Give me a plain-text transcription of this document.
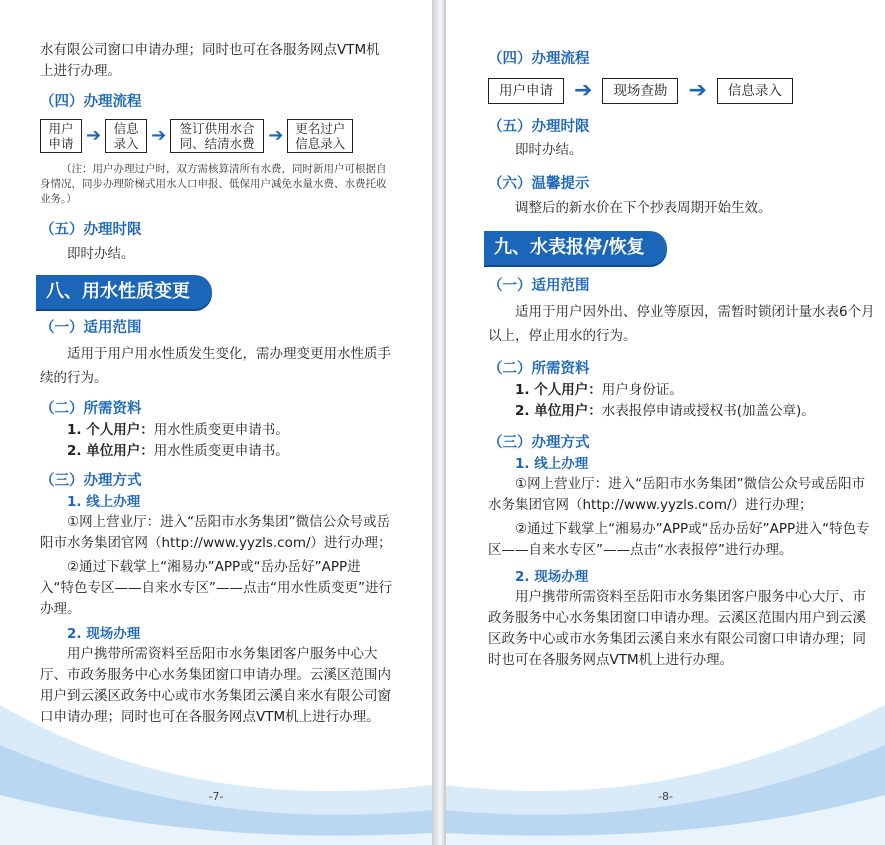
水有限公司窗口申请办理；同时也可在各服务网点VTM机上进行办理。

（四）办理流程

用户
申请 ➔ 信息
录入 ➔	签订供用水合
同、结清水费 ➔ 更名过户
信息录入

（注：用户办理过户时，双方需核算清所有水费，同时新用户可根据自身情况，同步办理阶梯式用水人口申报、低保用户减免水量水费、水费托收业务。）

（五）办理时限

即时办结。

八、用水性质变更

（一）适用范围

适用于用户用水性质发生变化，需办理变更用水性质手续的行为。

（二）所需资料

1. 个人用户：用水性质变更申请书。

2. 单位用户：用水性质变更申请书。

（三）办理方式

1. 线上办理

①网上营业厅：进入“岳阳市水务集团”微信公众号或岳阳市水务集团官网（http://www.yyzls.com/）进行办理；

②通过下载掌上“湘易办”APP或“岳办岳好”APP进入“特色专区——自来水专区”——点击“用水性质变更”进行办理。

2. 现场办理

用户携带所需资料至岳阳市水务集团客户服务中心大厅、市政务服务中心水务集团窗口申请办理。云溪区范围内用户到云溪区政务中心或市水务集团云溪自来水有限公司窗口申请办理；同时也可在各服务网点VTM机上进行办理。

-7-

（四）办理流程

用户申请 ➔	现场查勘 ➔	信息录入

（五）办理时限

即时办结。

（六）温馨提示

调整后的新水价在下个抄表周期开始生效。

九、水表报停/恢复

（一）适用范围

适用于用户因外出、停业等原因，需暂时锁闭计量水表6个月以上，停止用水的行为。

（二）所需资料

1. 个人用户：用户身份证。

2. 单位用户：水表报停申请或授权书(加盖公章)。

（三）办理方式

1. 线上办理

①网上营业厅：进入“岳阳市水务集团”微信公众号或岳阳市水务集团官网（http://www.yyzls.com/）进行办理；

②通过下载掌上“湘易办”APP或“岳办岳好”APP进入“特色专区——自来水专区”——点击“水表报停”进行办理。

2. 现场办理

用户携带所需资料至岳阳市水务集团客户服务中心大厅、市政务服务中心水务集团窗口申请办理。云溪区范围内用户到云溪区政务中心或市水务集团云溪自来水有限公司窗口申请办理；同时也可在各服务网点VTM机上进行办理。

-8-
